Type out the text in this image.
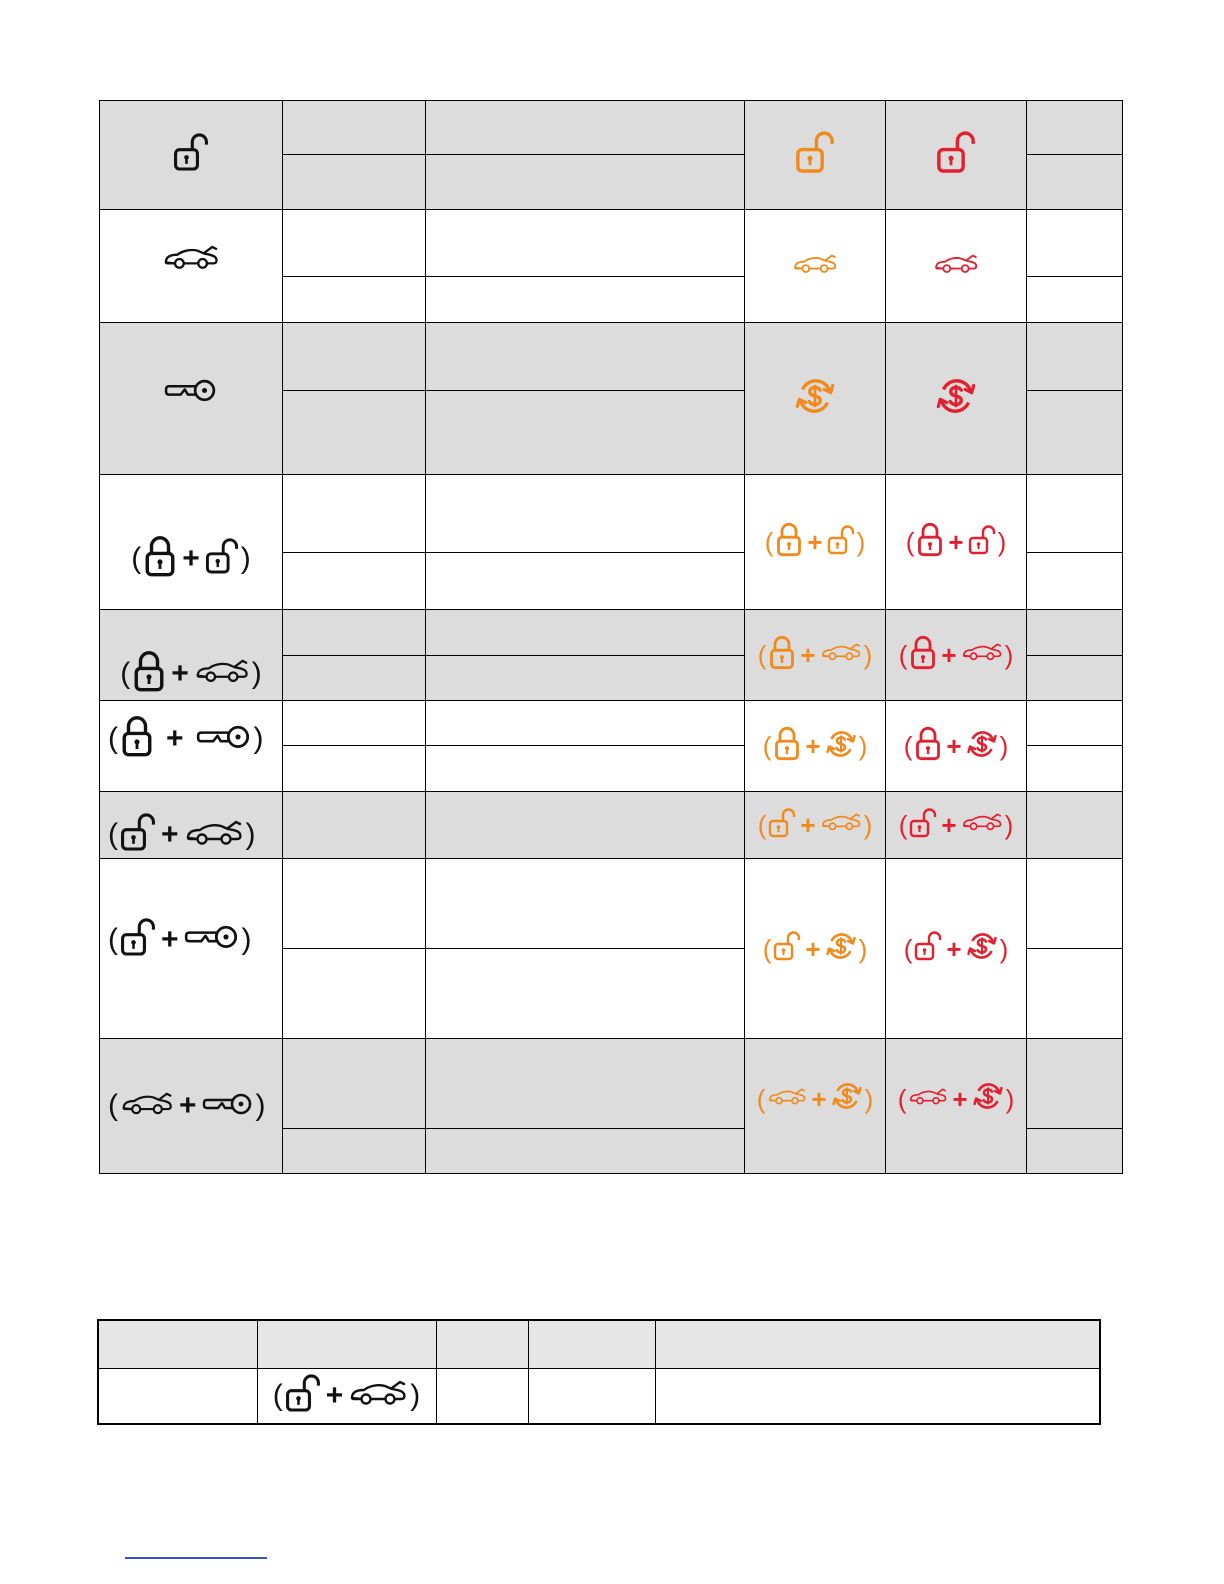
( + )			( + )	( + )	

( + )			( + )	( + )	

( + )			( + )	( + )	

( + )			( + )	( + )	

( + )			( + )	( + )	

( + )			( + )	( + )	

	( + )			
